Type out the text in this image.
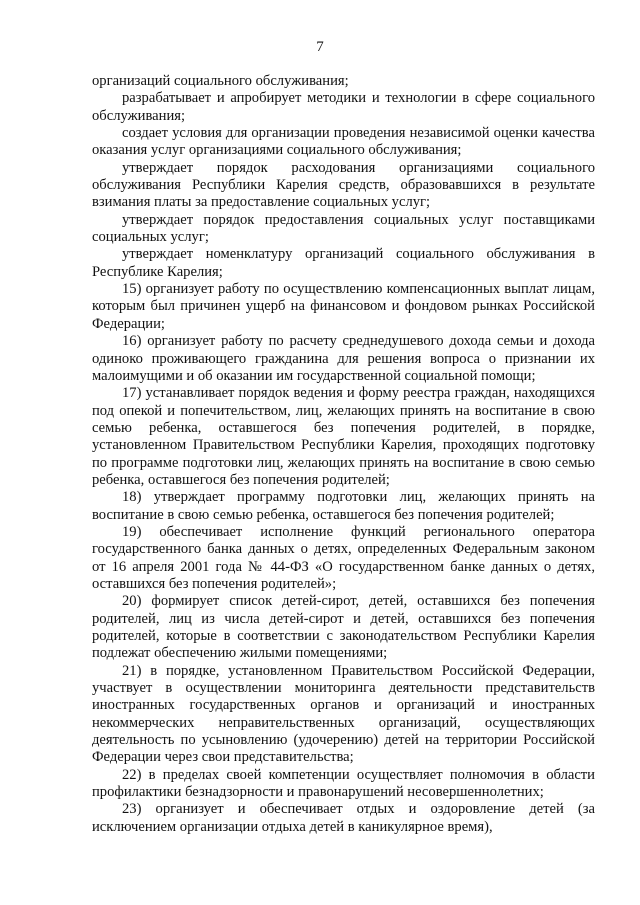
7

организаций социального обслуживания;

разрабатывает и апробирует методики и технологии в сфере социального обслуживания;

создает условия для организации проведения независимой оценки качества оказания услуг организациями социального обслуживания;

утверждает порядок расходования организациями социального обслуживания Республики Карелия средств, образовавшихся в результате взимания платы за предоставление социальных услуг;

утверждает порядок предоставления социальных услуг поставщиками социальных услуг;

утверждает номенклатуру организаций социального обслуживания в Республике Карелия;

15) организует работу по осуществлению компенсационных выплат лицам, которым был причинен ущерб на финансовом и фондовом рынках Российской Федерации;

16) организует работу по расчету среднедушевого дохода семьи и дохода одиноко проживающего гражданина для решения вопроса о признании их малоимущими и об оказании им государственной социальной помощи;

17) устанавливает порядок ведения и форму реестра граждан, находящихся под опекой и попечительством, лиц, желающих принять на воспитание в свою семью ребенка, оставшегося без попечения родителей, в порядке, установленном Правительством Республики Карелия, проходящих подготовку по программе подготовки лиц, желающих принять на воспитание в свою семью ребенка, оставшегося без попечения родителей;

18) утверждает программу подготовки лиц, желающих принять на воспитание в свою семью ребенка, оставшегося без попечения родителей;

19) обеспечивает исполнение функций регионального оператора государственного банка данных о детях, определенных Федеральным законом от 16 апреля 2001 года № 44-ФЗ «О государственном банке данных о детях, оставшихся без попечения родителей»;

20) формирует список детей-сирот, детей, оставшихся без попечения родителей, лиц из числа детей-сирот и детей, оставшихся без попечения родителей, которые в соответствии с законодательством Республики Карелия подлежат обеспечению жилыми помещениями;

21) в порядке, установленном Правительством Российской Федерации, участвует в осуществлении мониторинга деятельности представительств иностранных государственных органов и организаций и иностранных некоммерческих неправительственных организаций, осуществляющих деятельность по усыновлению (удочерению) детей на территории Российской Федерации через свои представительства;

22) в пределах своей компетенции осуществляет полномочия в области профилактики безнадзорности и правонарушений несовершеннолетних;

23) организует и обеспечивает отдых и оздоровление детей (за исключением организации отдыха детей в каникулярное время),
